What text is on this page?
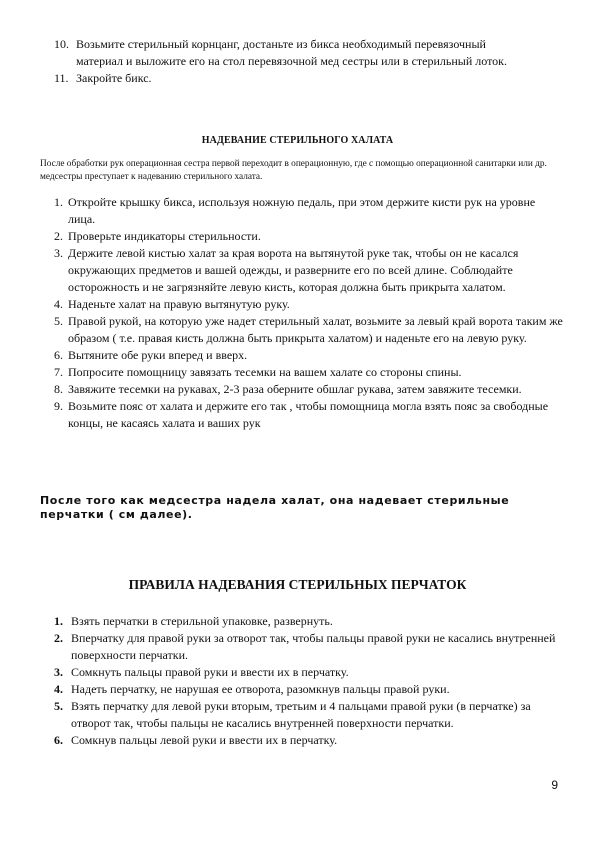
10. Возьмите стерильный корнцанг, достаньте из бикса необходимый перевязочный материал и выложите его на стол перевязочной мед сестры или в стерильный лоток.
11. Закройте бикс.
НАДЕВАНИЕ СТЕРИЛЬНОГО ХАЛАТА
После обработки рук операционная сестра первой переходит в операционную, где с помощью операционной санитарки или др. медсестры преступает к надеванию стерильного халата.
1. Откройте крышку бикса, используя ножную педаль, при этом держите кисти рук на уровне лица.
2. Проверьте индикаторы стерильности.
3. Держите левой кистью халат за края ворота на вытянутой руке так, чтобы он не касался окружающих предметов и вашей одежды, и разверните его по всей длине. Соблюдайте осторожность и не загрязняйте левую кисть, которая должна быть прикрыта халатом.
4. Наденьте халат на правую вытянутую руку.
5. Правой рукой, на которую уже надет стерильный халат, возьмите за левый край ворота таким же образом ( т.е. правая кисть должна быть прикрыта халатом) и наденьте его на левую руку.
6. Вытяните обе руки вперед и вверх.
7. Попросите помощницу завязать тесемки на вашем халате со стороны спины.
8. Завяжите тесемки на рукавах, 2-3 раза оберните обшлаг рукава, затем завяжите тесемки.
9. Возьмите пояс от халата и держите его так , чтобы помощница могла взять пояс за свободные концы, не касаясь халата и ваших рук
После того как медсестра надела халат, она надевает стерильные перчатки ( см далее).
ПРАВИЛА НАДЕВАНИЯ СТЕРИЛЬНЫХ ПЕРЧАТОК
1. Взять перчатки в стерильной упаковке, развернуть.
2. Вперчатку для правой руки за отворот так, чтобы пальцы правой руки не касались внутренней поверхности перчатки.
3. Сомкнуть пальцы правой руки и ввести их в перчатку.
4. Надеть перчатку, не нарушая ее отворота, разомкнув пальцы правой руки.
5. Взять перчатку для левой руки вторым, третьим и 4 пальцами правой руки (в перчатке) за отворот так, чтобы пальцы не касались внутренней поверхности перчатки.
6. Сомкнув пальцы левой руки и ввести их в перчатку.
9
